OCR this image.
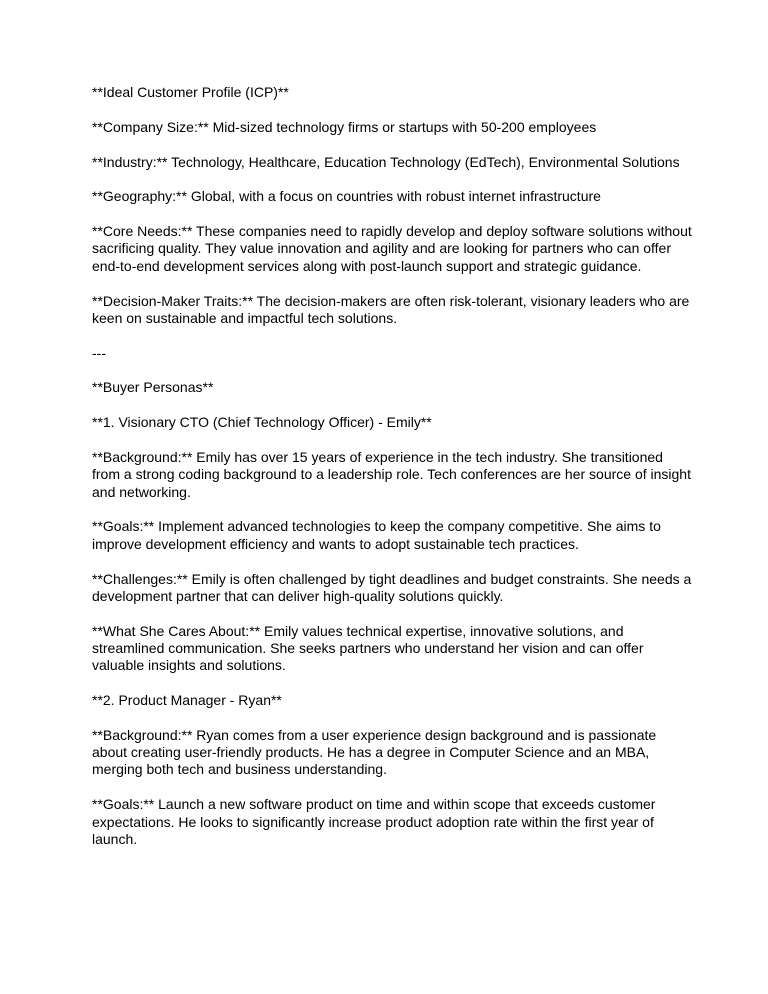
**Ideal Customer Profile (ICP)**

**Company Size:** Mid-sized technology firms or startups with 50-200 employees

**Industry:** Technology, Healthcare, Education Technology (EdTech), Environmental Solutions

**Geography:** Global, with a focus on countries with robust internet infrastructure

**Core Needs:** These companies need to rapidly develop and deploy software solutions without sacrificing quality. They value innovation and agility and are looking for partners who can offer end-to-end development services along with post-launch support and strategic guidance.

**Decision-Maker Traits:** The decision-makers are often risk-tolerant, visionary leaders who are keen on sustainable and impactful tech solutions.

---

**Buyer Personas**

**1. Visionary CTO (Chief Technology Officer) - Emily**

**Background:** Emily has over 15 years of experience in the tech industry. She transitioned from a strong coding background to a leadership role. Tech conferences are her source of insight and networking.

**Goals:** Implement advanced technologies to keep the company competitive. She aims to improve development efficiency and wants to adopt sustainable tech practices.

**Challenges:** Emily is often challenged by tight deadlines and budget constraints. She needs a development partner that can deliver high-quality solutions quickly.

**What She Cares About:** Emily values technical expertise, innovative solutions, and streamlined communication. She seeks partners who understand her vision and can offer valuable insights and solutions.

**2. Product Manager - Ryan**

**Background:** Ryan comes from a user experience design background and is passionate about creating user-friendly products. He has a degree in Computer Science and an MBA, merging both tech and business understanding.

**Goals:** Launch a new software product on time and within scope that exceeds customer expectations. He looks to significantly increase product adoption rate within the first year of launch.
